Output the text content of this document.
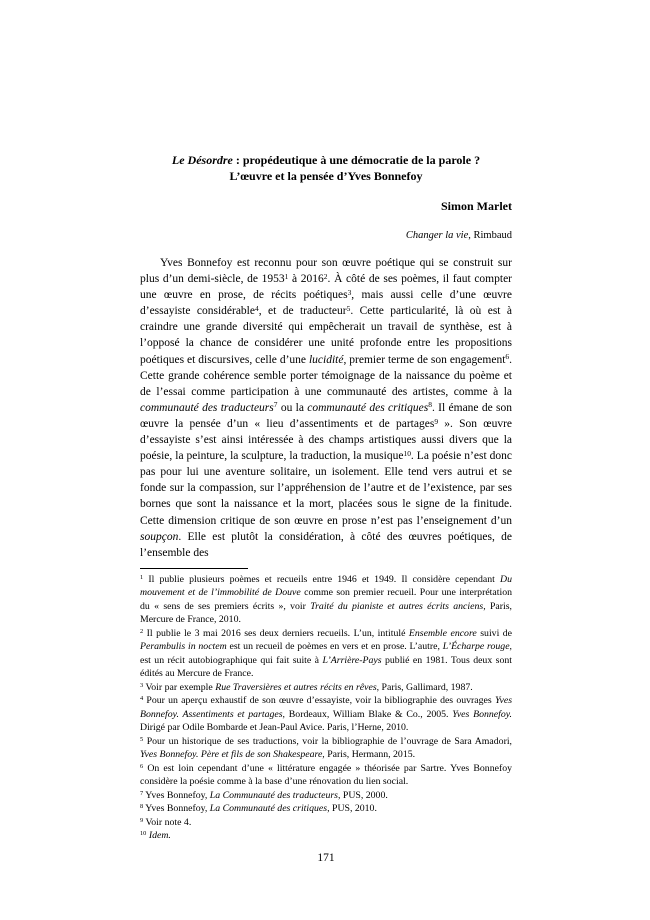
Le Désordre : propédeutique à une démocratie de la parole ?
L’œuvre et la pensée d’Yves Bonnefoy
Simon Marlet
Changer la vie, Rimbaud

Yves Bonnefoy est reconnu pour son œuvre poétique qui se construit sur plus d’un demi-siècle, de 1953$^1$ à 2016$^2$. À côté de ses poèmes, il faut compter une œuvre en prose, de récits poétiques$^3$, mais aussi celle d’une œuvre d’essayiste considérable$^4$, et de traducteur$^5$. Cette particularité, là où est à craindre une grande diversité qui empêcherait un travail de synthèse, est à l’opposé la chance de considérer une unité profonde entre les propositions poétiques et discursives, celle d’une lucidité, premier terme de son engagement$^6$. Cette grande cohérence semble porter témoignage de la naissance du poème et de l’essai comme participation à une communauté des artistes, comme à la communauté des traducteurs$^7$ ou la communauté des critiques$^8$. Il émane de son œuvre la pensée d’un « lieu d’assentiments et de partages$^9$ ». Son œuvre d’essayiste s’est ainsi intéressée à des champs artistiques aussi divers que la poésie, la peinture, la sculpture, la traduction, la musique$^{10}$. La poésie n’est donc pas pour lui une aventure solitaire, un isolement. Elle tend vers autrui et se fonde sur la compassion, sur l’appréhension de l’autre et de l’existence, par ses bornes que sont la naissance et la mort, placées sous le signe de la finitude. Cette dimension critique de son œuvre en prose n’est pas l’enseignement d’un soupçon. Elle est plutôt la considération, à côté des œuvres poétiques, de l’ensemble des

$^1$ Il publie plusieurs poèmes et recueils entre 1946 et 1949. Il considère cependant Du mouvement et de l’immobilité de Douve comme son premier recueil. Pour une interprétation du « sens de ses premiers écrits », voir Traité du pianiste et autres écrits anciens, Paris, Mercure de France, 2010.
$^2$ Il publie le 3 mai 2016 ses deux derniers recueils. L’un, intitulé Ensemble encore suivi de Perambulis in noctem est un recueil de poèmes en vers et en prose. L’autre, L’Écharpe rouge, est un récit autobiographique qui fait suite à L’Arrière-Pays publié en 1981. Tous deux sont édités au Mercure de France.
$^3$ Voir par exemple Rue Traversières et autres récits en rêves, Paris, Gallimard, 1987.
$^4$ Pour un aperçu exhaustif de son œuvre d’essayiste, voir la bibliographie des ouvrages Yves Bonnefoy. Assentiments et partages, Bordeaux, William Blake & Co., 2005. Yves Bonnefoy. Dirigé par Odile Bombarde et Jean-Paul Avice. Paris, l’Herne, 2010.
$^5$ Pour un historique de ses traductions, voir la bibliographie de l’ouvrage de Sara Amadori, Yves Bonnefoy. Père et fils de son Shakespeare, Paris, Hermann, 2015.
$^6$ On est loin cependant d’une « littérature engagée » théorisée par Sartre. Yves Bonnefoy considère la poésie comme à la base d’une rénovation du lien social.
$^7$ Yves Bonnefoy, La Communauté des traducteurs, PUS, 2000.
$^8$ Yves Bonnefoy, La Communauté des critiques, PUS, 2010.
$^9$ Voir note 4.
$^{10}$ Idem.
171
